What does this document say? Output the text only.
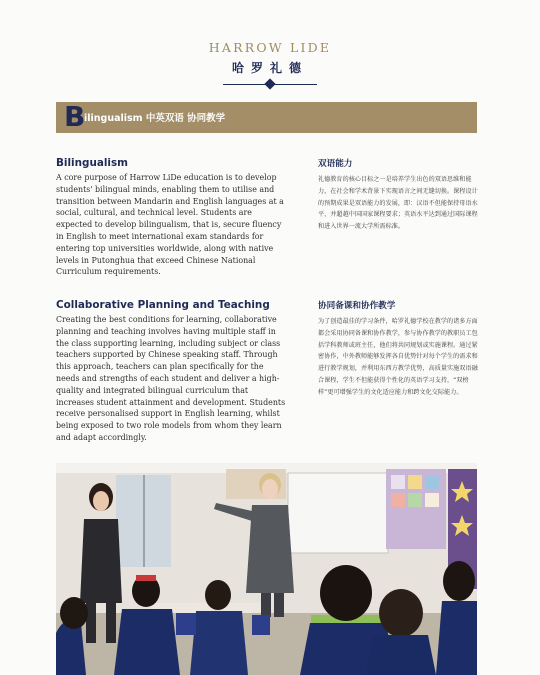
HARROW LIDE
哈罗礼德
B
ilingualism 中英双语 协同教学
Bilingualism

A core purpose of Harrow LiDe education is to develop students' bilingual minds, enabling them to utilise and transition between Mandarin and English languages at a social, cultural, and technical level. Students are expected to develop bilingualism, that is, secure fluency in English to meet international exam standards for entering top universities worldwide, along with native levels in Putonghua that exceed Chinese National Curriculum requirements.

双语能力

礼德教育的核心目标之一是培养学生出色的双语思维和能力，在社会和学术背景下实现语言之间无缝切换。课程设计的预期成果是双语能力的发展，即：汉语不但能保持母语水平，并超越中国国家课程要求；英语水平达到通过国际课程和进入世界一流大学所需标准。

Collaborative Planning and Teaching

Creating the best conditions for learning, collaborative planning and teaching involves having multiple staff in the class supporting learning, including subject or class teachers supported by Chinese speaking staff. Through this approach, teachers can plan specifically for the needs and strengths of each student and deliver a high-quality and integrated bilingual curriculum that increases student attainment and development. Students receive personalised support in English learning, whilst being exposed to two role models from whom they learn and adapt accordingly.

协同备课和协作教学

为了创造最佳的学习条件，哈罗礼德学校在教学的诸多方面都会采用协同备课和协作教学，参与协作教学的教职员工包括学科教师或班主任，他们将共同规划或实施课程。通过紧密协作，中外教师能够发挥各自优势针对每个学生的需求和进行教学规划，并利用东西方教学优势，高质量实施双语融合课程，学生不但能获得个性化的英语学习支持，“双榜样”更可增强学生的文化适应能力和跨文化交际能力。
